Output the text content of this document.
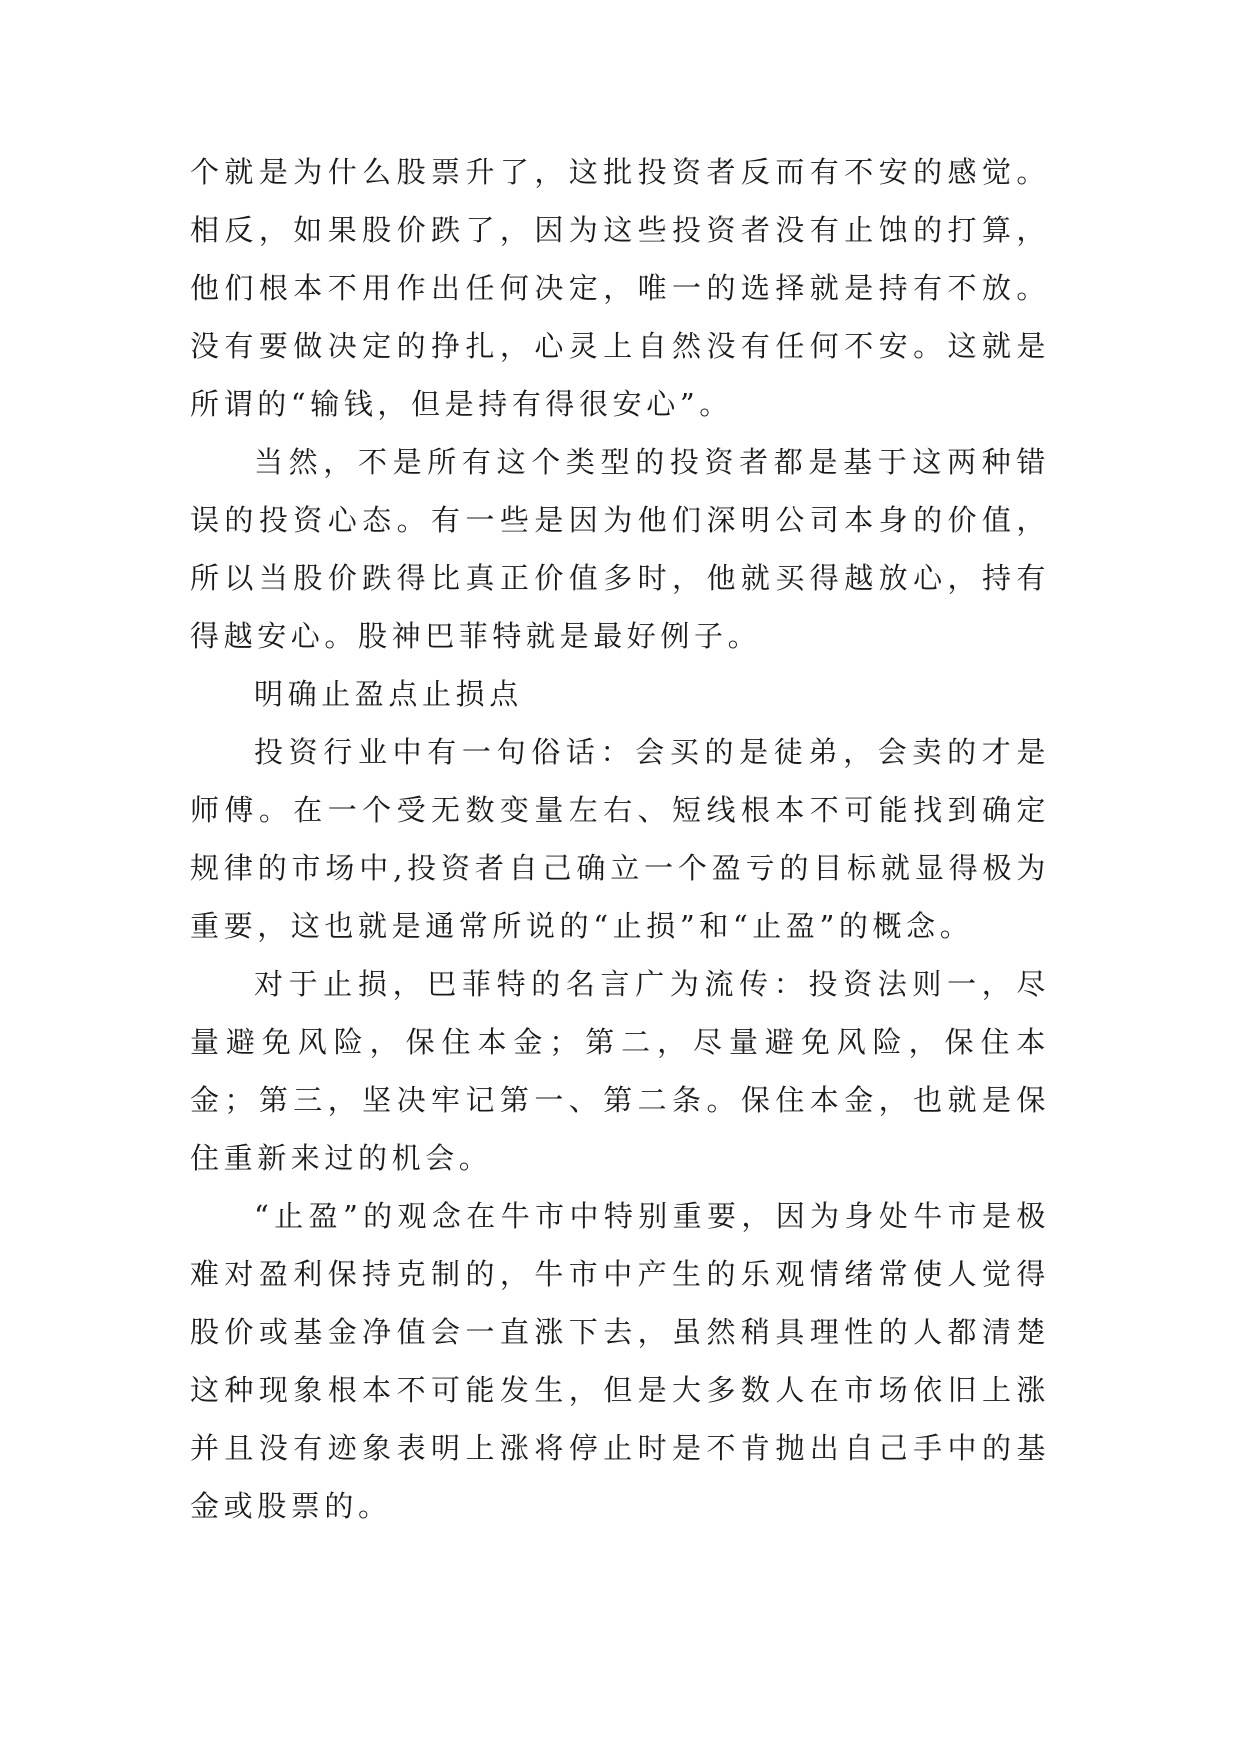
个就是为什么股票升了，这批投资者反而有不安的感觉。相反，如果股价跌了，因为这些投资者没有止蚀的打算，他们根本不用作出任何决定，唯一的选择就是持有不放。没有要做决定的挣扎，心灵上自然没有任何不安。这就是所谓的“输钱，但是持有得很安心”。

当然，不是所有这个类型的投资者都是基于这两种错误的投资心态。有一些是因为他们深明公司本身的价值，所以当股价跌得比真正价值多时，他就买得越放心，持有得越安心。股神巴菲特就是最好例子。

明确止盈点止损点

投资行业中有一句俗话：会买的是徒弟，会卖的才是师傅。在一个受无数变量左右、短线根本不可能找到确定规律的市场中,投资者自己确立一个盈亏的目标就显得极为重要，这也就是通常所说的“止损”和“止盈”的概念。

对于止损，巴菲特的名言广为流传：投资法则一，尽量避免风险，保住本金；第二，尽量避免风险，保住本金；第三，坚决牢记第一、第二条。保住本金，也就是保住重新来过的机会。

“止盈”的观念在牛市中特别重要，因为身处牛市是极难对盈利保持克制的，牛市中产生的乐观情绪常使人觉得股价或基金净值会一直涨下去，虽然稍具理性的人都清楚这种现象根本不可能发生，但是大多数人在市场依旧上涨并且没有迹象表明上涨将停止时是不肯抛出自己手中的基金或股票的。
